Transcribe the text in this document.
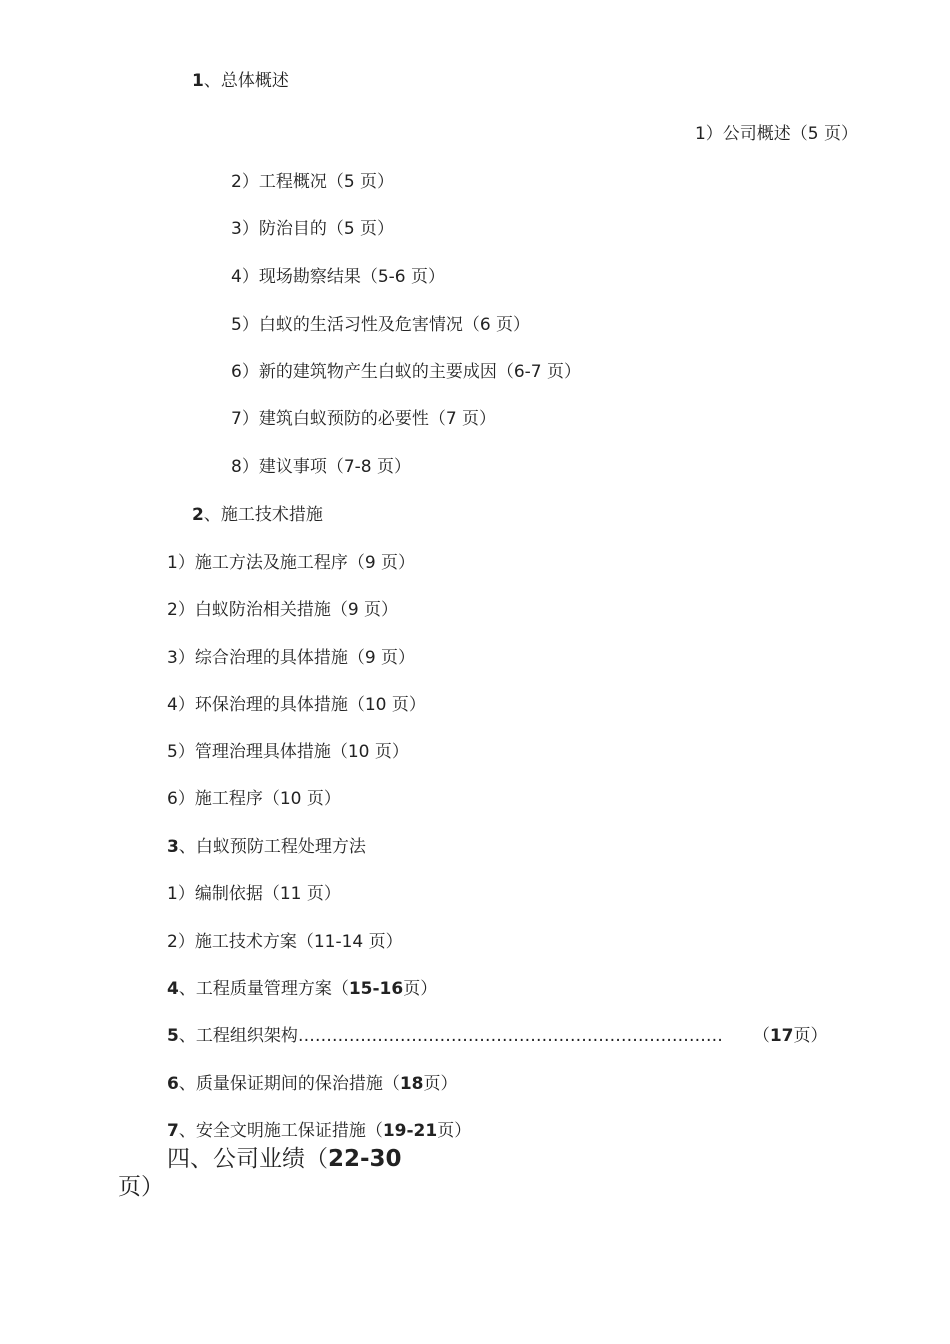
1、总体概述
1）公司概述（5 页）
2）工程概况（5 页）
3）防治目的（5 页）
4）现场勘察结果（5-6 页）
5）白蚁的生活习性及危害情况（6 页）
6）新的建筑物产生白蚁的主要成因（6-7 页）
7）建筑白蚁预防的必要性（7 页）
8）建议事项（7-8 页）
2、施工技术措施
1）施工方法及施工程序（9 页）
2）白蚁防治相关措施（9 页）
3）综合治理的具体措施（9 页）
4）环保治理的具体措施（10 页）
5）管理治理具体措施（10 页）
6）施工程序（10 页）
3、白蚁预防工程处理方法
1）编制依据（11 页）
2）施工技术方案（11-14 页）
4、工程质量管理方案（15-16页）
5、工程组织架构………………………………………………………………… （17页）
6、质量保证期间的保治措施（18页）
7、安全文明施工保证措施（19-21页）
四、公司业绩（22-30
页）
